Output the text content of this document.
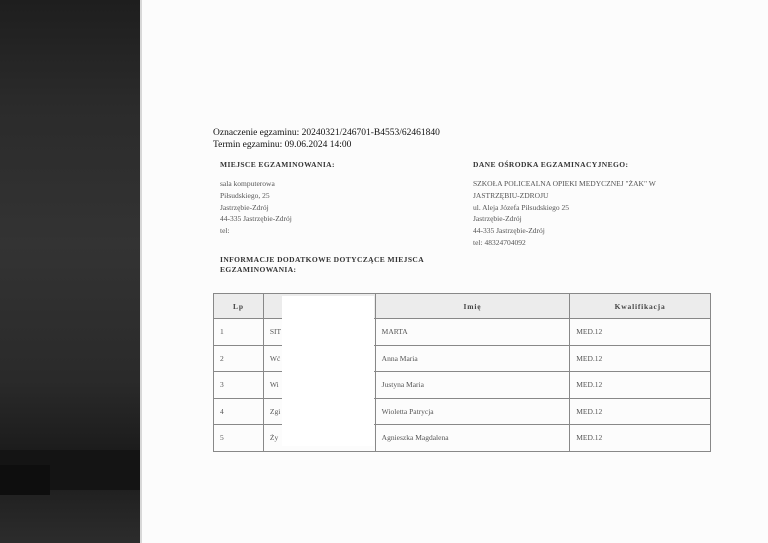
Oznaczenie egzaminu: 20240321/246701-B4553/62461840
Termin egzaminu: 09.06.2024 14:00
MIEJSCE EGZAMINOWANIA:
sala komputerowa
Piłsudskiego, 25
Jastrzębie-Zdrój
44-335 Jastrzębie-Zdrój
tel:
DANE OŚRODKA EGZAMINACYJNEGO:
SZKOŁA POLICEALNA OPIEKI MEDYCZNEJ "ŻAK" W
JASTRZĘBIU-ZDROJU
ul. Aleja Józefa Piłsudskiego 25
Jastrzębie-Zdrój
44-335 Jastrzębie-Zdrój
tel: 48324704092
INFORMACJE DODATKOWE DOTYCZĄCE MIEJSCA
EGZAMINOWANIA:
Lp		Imię	Kwalifikacja
1	SIT	MARTA	MED.12
2	Wć	Anna Maria	MED.12
3	Wi	Justyna Maria	MED.12
4	Zgi	Wioletta Patrycja	MED.12
5	Ży	Agnieszka Magdalena	MED.12
